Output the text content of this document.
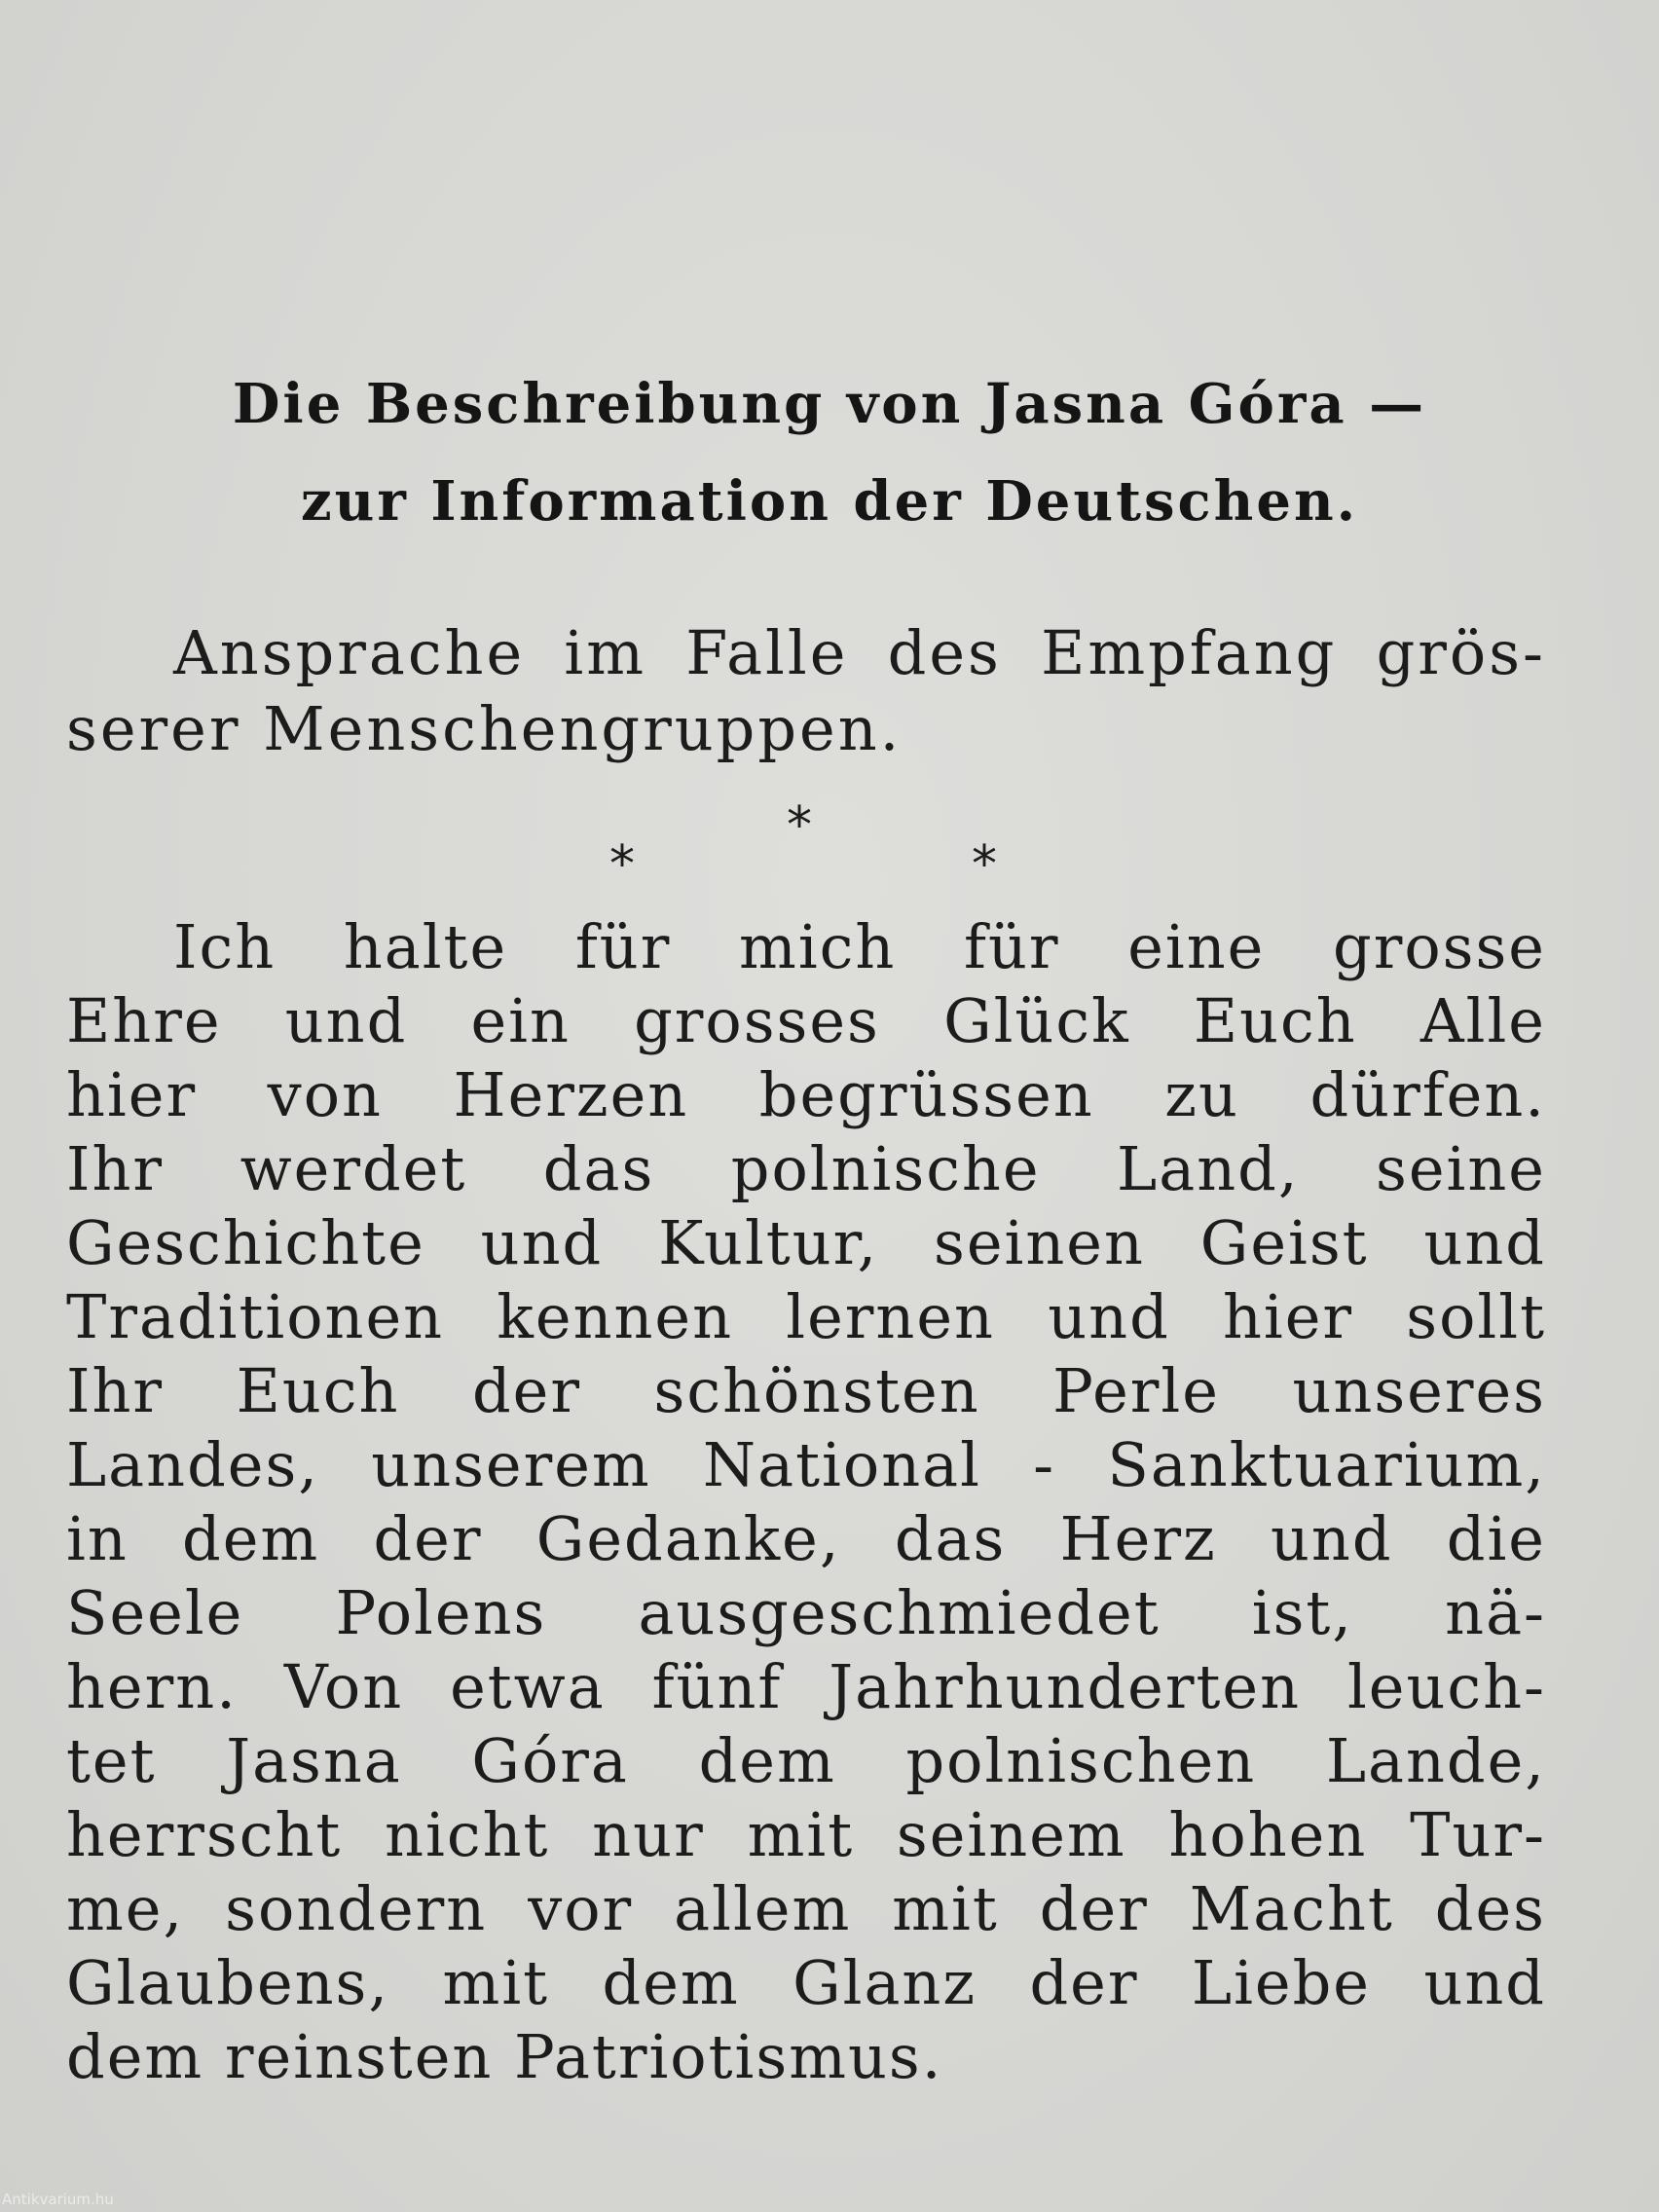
Die Beschreibung von Jasna Góra —
zur Information der Deutschen.
Ansprache im Falle des Empfang grös-
serer Menschengruppen.
*
*	*
Ich halte für mich für eine grosse
Ehre und ein grosses Glück Euch Alle
hier von Herzen begrüssen zu dürfen.
Ihr werdet das polnische Land, seine
Geschichte und Kultur, seinen Geist und
Traditionen kennen lernen und hier sollt
Ihr Euch der schönsten Perle unseres
Landes, unserem National - Sanktuarium,
in dem der Gedanke, das Herz und die
Seele Polens ausgeschmiedet ist, nä-
hern. Von etwa fünf Jahrhunderten leuch-
tet Jasna Góra dem polnischen Lande,
herrscht nicht nur mit seinem hohen Tur-
me, sondern vor allem mit der Macht des
Glaubens, mit dem Glanz der Liebe und
dem reinsten Patriotismus.
Antikvarium.hu
